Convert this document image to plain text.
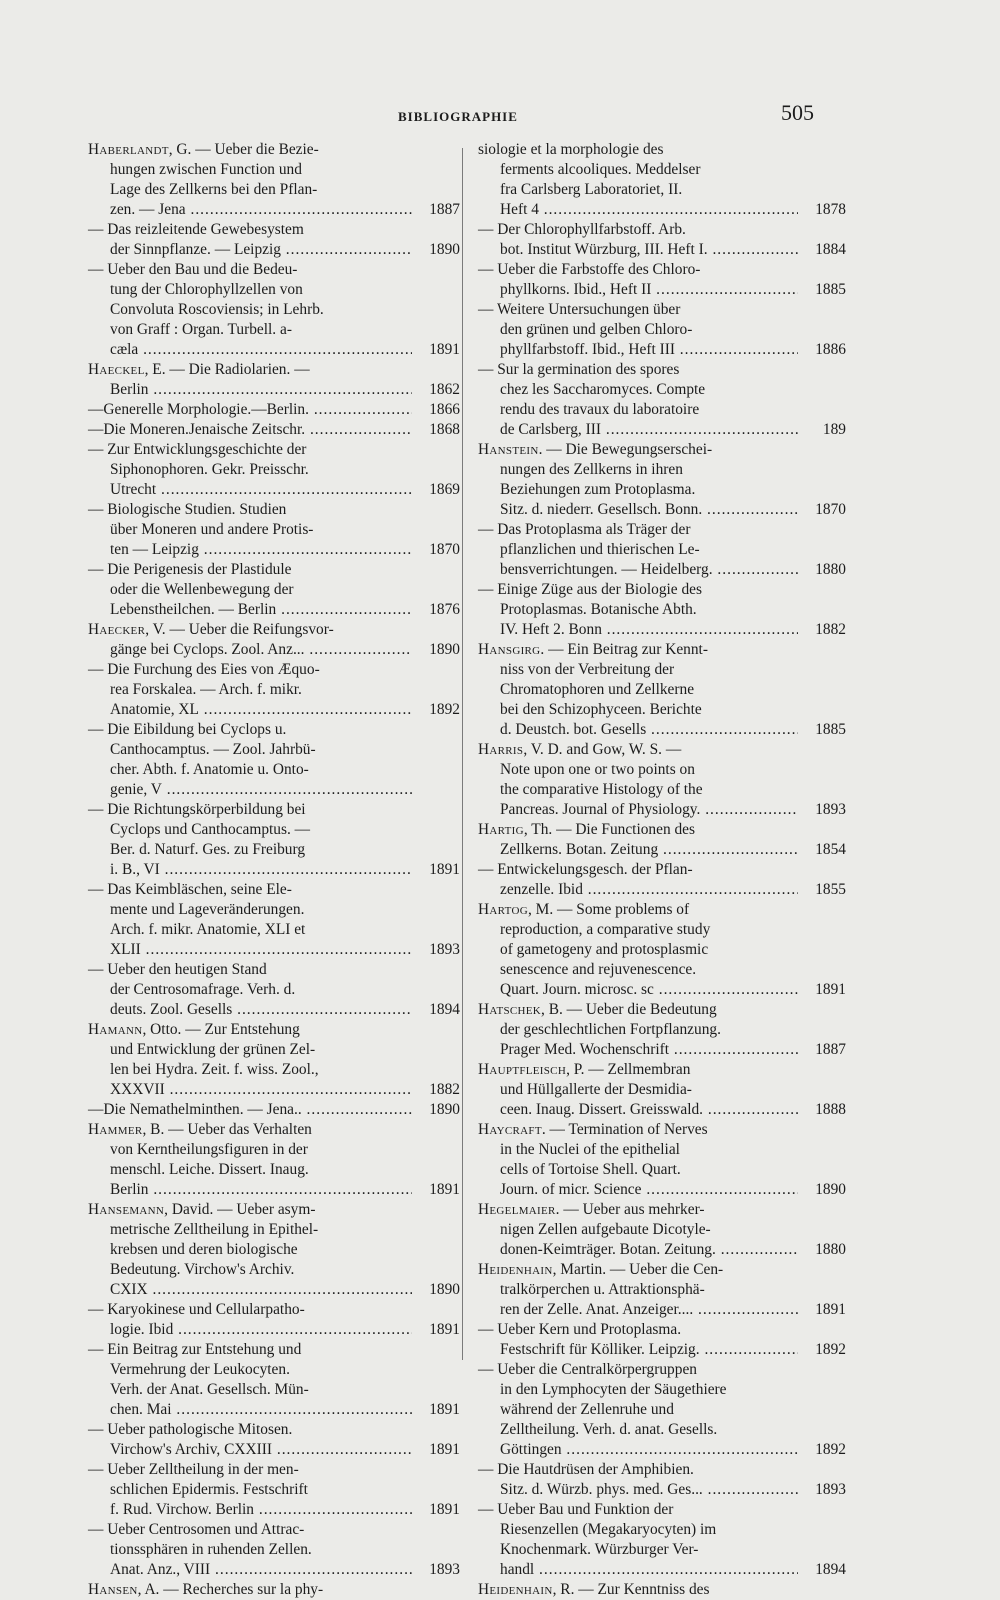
BIBLIOGRAPHIE	505
Haberlandt, G. — Ueber die Bezie-
hungen zwischen Function und
Lage des Zellkerns bei den Pflan-
zen. — Jena .....	1887
— Das reizleitende Gewebesystem
der Sinnpflanze. — Leipzig .....	1890
— Ueber den Bau und die Bedeu-
tung der Chlorophyllzellen von
Convoluta Roscoviensis; in Lehrb.
von Graff : Organ. Turbell. a-
cæla .....	1891
Haeckel, E. — Die Radiolarien. —
Berlin .....	1862
— Generelle Morphologie.—Berlin. .....	1866
— Die Moneren.Jenaische Zeitschr. .....	1868
— Zur Entwicklungsgeschichte der
Siphonophoren. Gekr. Preisschr.
Utrecht .....	1869
— Biologische Studien. Studien
über Moneren und andere Protis-
ten — Leipzig .....	1870
— Die Perigenesis der Plastidule
oder die Wellenbewegung der
Lebenstheilchen. — Berlin .....	1876
Haecker, V. — Ueber die Reifungsvor-
gänge bei Cyclops. Zool. Anz... .....	1890
— Die Furchung des Eies von Æquo-
rea Forskalea. — Arch. f. mikr.
Anatomie, XL .....	1892
— Die Eibildung bei Cyclops u.
Canthocamptus. — Zool. Jahrbü-
cher. Abth. f. Anatomie u. Onto-
genie, V .....
— Die Richtungskörperbildung bei
Cyclops und Canthocamptus. —
Ber. d. Naturf. Ges. zu Freiburg
i. B., VI .....	1891
— Das Keimbläschen, seine Ele-
mente und Lageveränderungen.
Arch. f. mikr. Anatomie, XLI et
XLII .....	1893
— Ueber den heutigen Stand
der Centrosomafrage. Verh. d.
deuts. Zool. Gesells .....	1894
Hamann, Otto. — Zur Entstehung
und Entwicklung der grünen Zel-
len bei Hydra. Zeit. f. wiss. Zool.,
XXXVII .....	1882
— Die Nemathelminthen. — Jena.. .....	1890
Hammer, B. — Ueber das Verhalten
von Kerntheilungsfiguren in der
menschl. Leiche. Dissert. Inaug.
Berlin .....	1891
Hansemann, David. — Ueber asym-
metrische Zelltheilung in Epithel-
krebsen und deren biologische
Bedeutung. Virchow's Archiv.
CXIX .....	1890
— Karyokinese und Cellularpatho-
logie. Ibid .....	1891
— Ein Beitrag zur Entstehung und
Vermehrung der Leukocyten.
Verh. der Anat. Gesellsch. Mün-
chen. Mai .....	1891
— Ueber pathologische Mitosen.
Virchow's Archiv, CXXIII .....	1891
— Ueber Zelltheilung in der men-
schlichen Epidermis. Festschrift
f. Rud. Virchow. Berlin .....	1891
— Ueber Centrosomen und Attrac-
tionssphären in ruhenden Zellen.
Anat. Anz., VIII .....	1893
Hansen, A. — Recherches sur la phy-
siologie et la morphologie des
ferments alcooliques. Meddelser
fra Carlsberg Laboratoriet, II.
Heft 4 .....	1878
— Der Chlorophyllfarbstoff. Arb.
bot. Institut Würzburg, III. Heft I. .....	1884
— Ueber die Farbstoffe des Chloro-
phyllkorns. Ibid., Heft II .....	1885
— Weitere Untersuchungen über
den grünen und gelben Chloro-
phyllfarbstoff. Ibid., Heft III .....	1886
— Sur la germination des spores
chez les Saccharomyces. Compte
rendu des travaux du laboratoire
de Carlsberg, III .....	189
Hanstein. — Die Bewegungserschei-
nungen des Zellkerns in ihren
Beziehungen zum Protoplasma.
Sitz. d. niederr. Gesellsch. Bonn. .....	1870
— Das Protoplasma als Träger der
pflanzlichen und thierischen Le-
bensverrichtungen. — Heidelberg. .....	1880
— Einige Züge aus der Biologie des
Protoplasmas. Botanische Abth.
IV. Heft 2. Bonn .....	1882
Hansgirg. — Ein Beitrag zur Kennt-
niss von der Verbreitung der
Chromatophoren und Zellkerne
bei den Schizophyceen. Berichte
d. Deustch. bot. Gesells .....	1885
Harris, V. D. and Gow, W. S. —
Note upon one or two points on
the comparative Histology of the
Pancreas. Journal of Physiology. .....	1893
Hartig, Th. — Die Functionen des
Zellkerns. Botan. Zeitung .....	1854
— Entwickelungsgesch. der Pflan-
zenzelle. Ibid .....	1855
Hartog, M. — Some problems of
reproduction, a comparative study
of gametogeny and protosplasmic
senescence and rejuvenescence.
Quart. Journ. microsc. sc .....	1891
Hatschek, B. — Ueber die Bedeutung
der geschlechtlichen Fortpflanzung.
Prager Med. Wochenschrift .....	1887
Hauptfleisch, P. — Zellmembran
und Hüllgallerte der Desmidia-
ceen. Inaug. Dissert. Greisswald. .....	1888
Haycraft. — Termination of Nerves
in the Nuclei of the epithelial
cells of Tortoise Shell. Quart.
Journ. of micr. Science .....	1890
Hegelmaier. — Ueber aus mehrker-
nigen Zellen aufgebaute Dicotyle-
donen-Keimträger. Botan. Zeitung. .....	1880
Heidenhain, Martin. — Ueber die Cen-
tralkörperchen u. Attraktionsphä-
ren der Zelle. Anat. Anzeiger.... .....	1891
— Ueber Kern und Protoplasma.
Festschrift für Kölliker. Leipzig. .....	1892
— Ueber die Centralkörpergruppen
in den Lymphocyten der Säugethiere
während der Zellenruhe und
Zelltheilung. Verh. d. anat. Gesells.
Göttingen .....	1892
— Die Hautdrüsen der Amphibien.
Sitz. d. Würzb. phys. med. Ges... .....	1893
— Ueber Bau und Funktion der
Riesenzellen (Megakaryocyten) im
Knochenmark. Würzburger Ver-
handl .....	1894
Heidenhain, R. — Zur Kenntniss des
